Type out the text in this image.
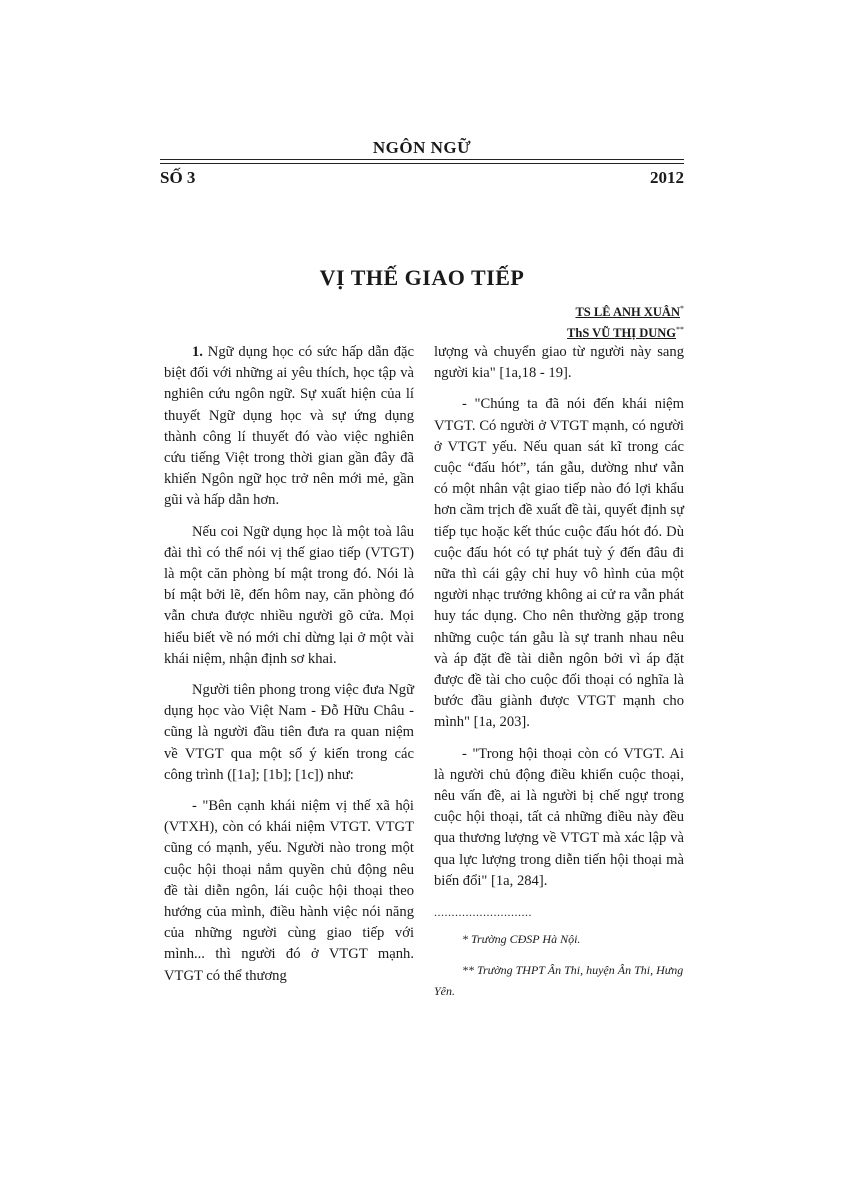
NGÔN NGỮ
SỐ 3	2012
VỊ THẾ GIAO TIẾP
TS LÊ ANH XUÂN*
ThS VŨ THỊ DUNG**

1. Ngữ dụng học có sức hấp dẫn đặc biệt đối với những ai yêu thích, học tập và nghiên cứu ngôn ngữ. Sự xuất hiện của lí thuyết Ngữ dụng học và sự ứng dụng thành công lí thuyết đó vào việc nghiên cứu tiếng Việt trong thời gian gần đây đã khiến Ngôn ngữ học trở nên mới mẻ, gần gũi và hấp dẫn hơn.

Nếu coi Ngữ dụng học là một toà lâu đài thì có thể nói vị thế giao tiếp (VTGT) là một căn phòng bí mật trong đó. Nói là bí mật bởi lẽ, đến hôm nay, căn phòng đó vẫn chưa được nhiều người gõ cửa. Mọi hiểu biết về nó mới chỉ dừng lại ở một vài khái niệm, nhận định sơ khai.

Người tiên phong trong việc đưa Ngữ dụng học vào Việt Nam - Đỗ Hữu Châu - cũng là người đầu tiên đưa ra quan niệm về VTGT qua một số ý kiến trong các công trình ([1a]; [1b]; [1c]) như:

- "Bên cạnh khái niệm vị thế xã hội (VTXH), còn có khái niệm VTGT. VTGT cũng có mạnh, yếu. Người nào trong một cuộc hội thoại nắm quyền chủ động nêu đề tài diễn ngôn, lái cuộc hội thoại theo hướng của mình, điều hành việc nói năng của những người cùng giao tiếp với mình... thì người đó ở VTGT mạnh. VTGT có thể thương

lượng và chuyển giao từ người này sang người kia" [1a,18 - 19].

- "Chúng ta đã nói đến khái niệm VTGT. Có người ở VTGT mạnh, có người ở VTGT yếu. Nếu quan sát kĩ trong các cuộc “đấu hót”, tán gẫu, dường như vẫn có một nhân vật giao tiếp nào đó lợi khẩu hơn cầm trịch đề xuất đề tài, quyết định sự tiếp tục hoặc kết thúc cuộc đấu hót đó. Dù cuộc đấu hót có tự phát tuỳ ý đến đâu đi nữa thì cái gậy chỉ huy vô hình của một người nhạc trưởng không ai cử ra vẫn phát huy tác dụng. Cho nên thường gặp trong những cuộc tán gẫu là sự tranh nhau nêu và áp đặt đề tài diễn ngôn bởi vì áp đặt được đề tài cho cuộc đối thoại có nghĩa là bước đầu giành được VTGT mạnh cho mình" [1a, 203].

- "Trong hội thoại còn có VTGT. Ai là người chủ động điều khiển cuộc thoại, nêu vấn đề, ai là người bị chế ngự trong cuộc hội thoại, tất cả những điều này đều qua thương lượng về VTGT mà xác lập và qua lực lượng trong diễn tiến hội thoại mà biến đổi" [1a, 284].

............................

* Trường CĐSP Hà Nội.

** Trường THPT Ân Thi, huyện Ân Thi, Hưng Yên.
